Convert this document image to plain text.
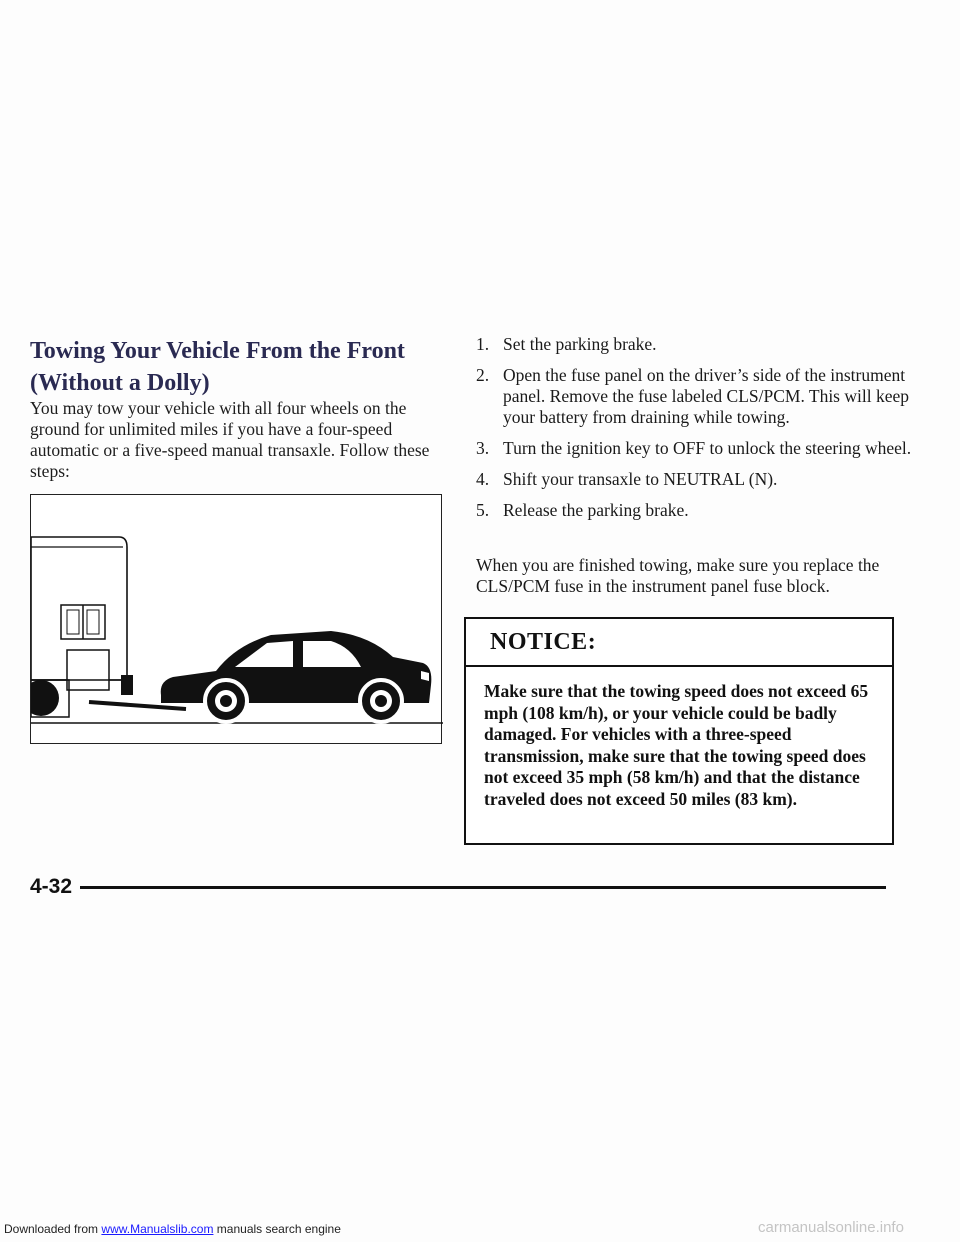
Towing Your Vehicle From the Front (Without a Dolly)
You may tow your vehicle with all four wheels on the ground for unlimited miles if you have a four-speed automatic or a five-speed manual transaxle. Follow these steps:
1. Set the parking brake.
2. Open the fuse panel on the driver’s side of the instrument panel. Remove the fuse labeled CLS/PCM. This will keep your battery from draining while towing.
3. Turn the ignition key to OFF to unlock the steering wheel.
4. Shift your transaxle to NEUTRAL (N).
5. Release the parking brake.
When you are finished towing, make sure you replace the CLS/PCM fuse in the instrument panel fuse block.
NOTICE:
Make sure that the towing speed does not exceed 65 mph (108 km/h), or your vehicle could be badly damaged. For vehicles with a three-speed transmission, make sure that the towing speed does not exceed 35 mph (58 km/h) and that the distance traveled does not exceed 50 miles (83 km).
4-32
Downloaded from www.Manualslib.com manuals search engine	carmanualsonline.info
